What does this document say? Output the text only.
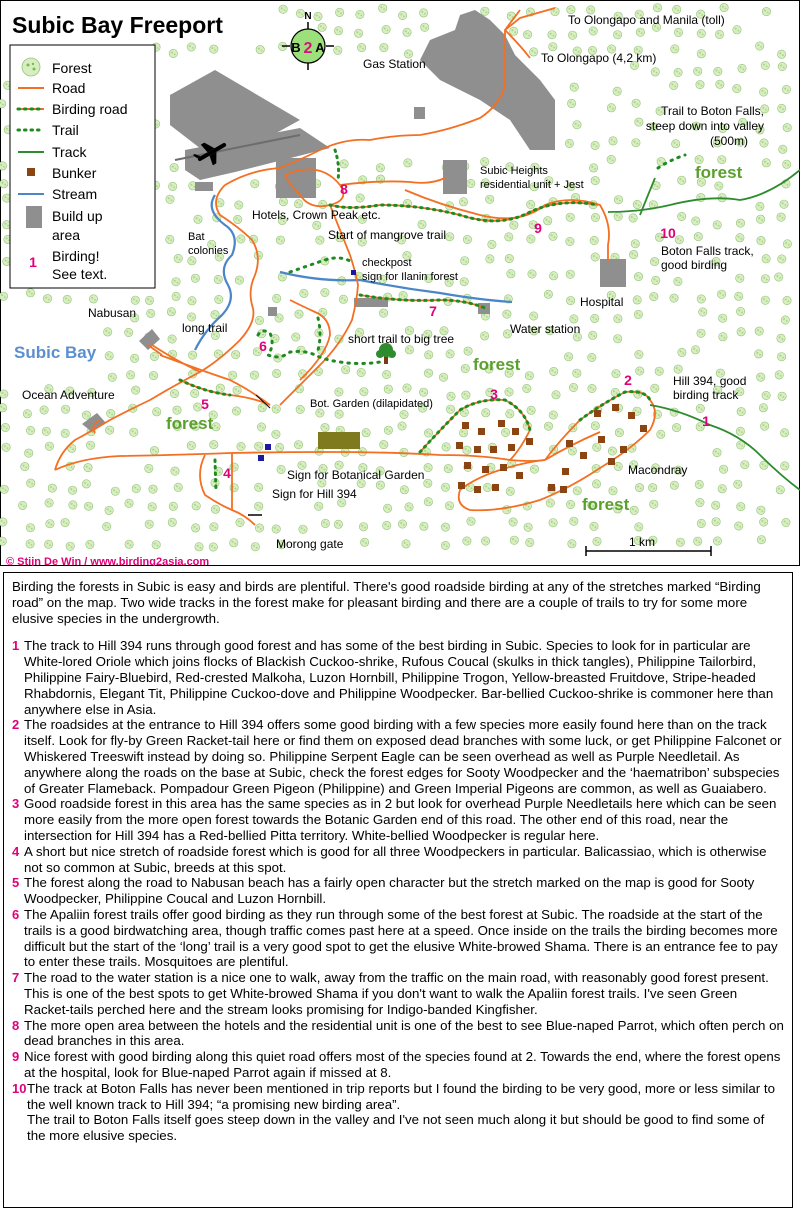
Subic Bay Freeport	N
B 2 A
Forest
Road
Birding road
Trail
Track
Bunker
Stream
Build up
area
1 Birding!
See text.
To Olongapo and Manila (toll)
To Olongapo (4,2 km)
Gas Station
Subic Heights
residential unit + Jest
Trail to Boton Falls,
steep down into valley
(500m)
forest
Hotels, Crown Peak etc.
Bat
colonies
Start of mangrove trail
checkpost
sign for Ilanin forest
Boton Falls track,
good birding
Hospital
Water station
Nabusan
Subic Bay
long trail
short trail to big tree
forest
Ocean Adventure
Bot. Garden (dilapidated)
Hill 394, good
birding track
forest
Macondray
Sign for Botanical Garden
Sign for Hill 394
forest
Morong gate	1 km
© Stijn De Win / www.birding2asia.com
1
2
3
4
5
6
7
8
9	10

Birding the forests in Subic is easy and birds are plentiful. There's good roadside birding at any of the stretches marked “Birding road” on the map. Two wide tracks in the forest make for pleasant birding and there are a couple of trails to try for some more elusive species in the undergrowth.

1 The track to Hill 394 runs through good forest and has some of the best birding in Subic. Species to look for in particular are White-lored Oriole which joins flocks of Blackish Cuckoo-shrike, Rufous Coucal (skulks in thick tangles), Philippine Tailorbird, Philippine Fairy-Bluebird, Red-crested Malkoha, Luzon Hornbill, Philippine Trogon, Yellow-breasted Fruitdove, Stripe-headed Rhabdornis, Elegant Tit, Philippine Cuckoo-dove and Philippine Woodpecker. Bar-bellied Cuckoo-shrike is commoner here than anywhere else in Asia.

2 The roadsides at the entrance to Hill 394 offers some good birding with a few species more easily found here than on the track itself. Look for fly-by Green Racket-tail here or find them on exposed dead branches with some luck, or get Philippine Falconet or Whiskered Treeswift instead by doing so. Philippine Serpent Eagle can be seen overhead as well as Purple Needletail. As anywhere along the roads on the base at Subic, check the forest edges for Sooty Woodpecker and the ‘haematribon’ subspecies of Greater Flameback. Pompadour Green Pigeon (Philippine) and Green Imperial Pigeons are common, as well as Guaiabero.

3 Good roadside forest in this area has the same species as in 2 but look for overhead Purple Needletails here which can be seen more easily from the more open forest towards the Botanic Garden end of this road. The other end of this road, near the intersection for Hill 394 has a Red-bellied Pitta territory. White-bellied Woodpecker is regular here.

4 A short but nice stretch of roadside forest which is good for all three Woodpeckers in particular. Balicassiao, which is otherwise not so common at Subic, breeds at this spot.

5 The forest along the road to Nabusan beach has a fairly open character but the stretch marked on the map is good for Sooty Woodpecker, Philippine Coucal and Luzon Hornbill.

6 The Apaliin forest trails offer good birding as they run through some of the best forest at Subic. The roadside at the start of the trails is a good birdwatching area, though traffic comes past here at a speed. Once inside on the trails the birding becomes more difficult but the start of the ‘long’ trail is a very good spot to get the elusive White-browed Shama. There is an entrance fee to pay to enter these trails. Mosquitoes are plentiful.

7 The road to the water station is a nice one to walk, away from the traffic on the main road, with reasonably good forest present. This is one of the best spots to get White-browed Shama if you don't want to walk the Apaliin forest trails. I've seen Green Racket-tails perched here and the stream looks promising for Indigo-banded Kingfisher.

8 The more open area between the hotels and the residential unit is one of the best to see Blue-naped Parrot, which often perch on dead branches in this area.

9 Nice forest with good birding along this quiet road offers most of the species found at 2. Towards the end, where the forest opens at the hospital, look for Blue-naped Parrot again if missed at 8.

10 The track at Boton Falls has never been mentioned in trip reports but I found the birding to be very good, more or less similar to the well known track to Hill 394; “a promising new birding area”.

The trail to Boton Falls itself goes steep down in the valley and I've not seen much along it but should be good to find some of the more elusive species.
